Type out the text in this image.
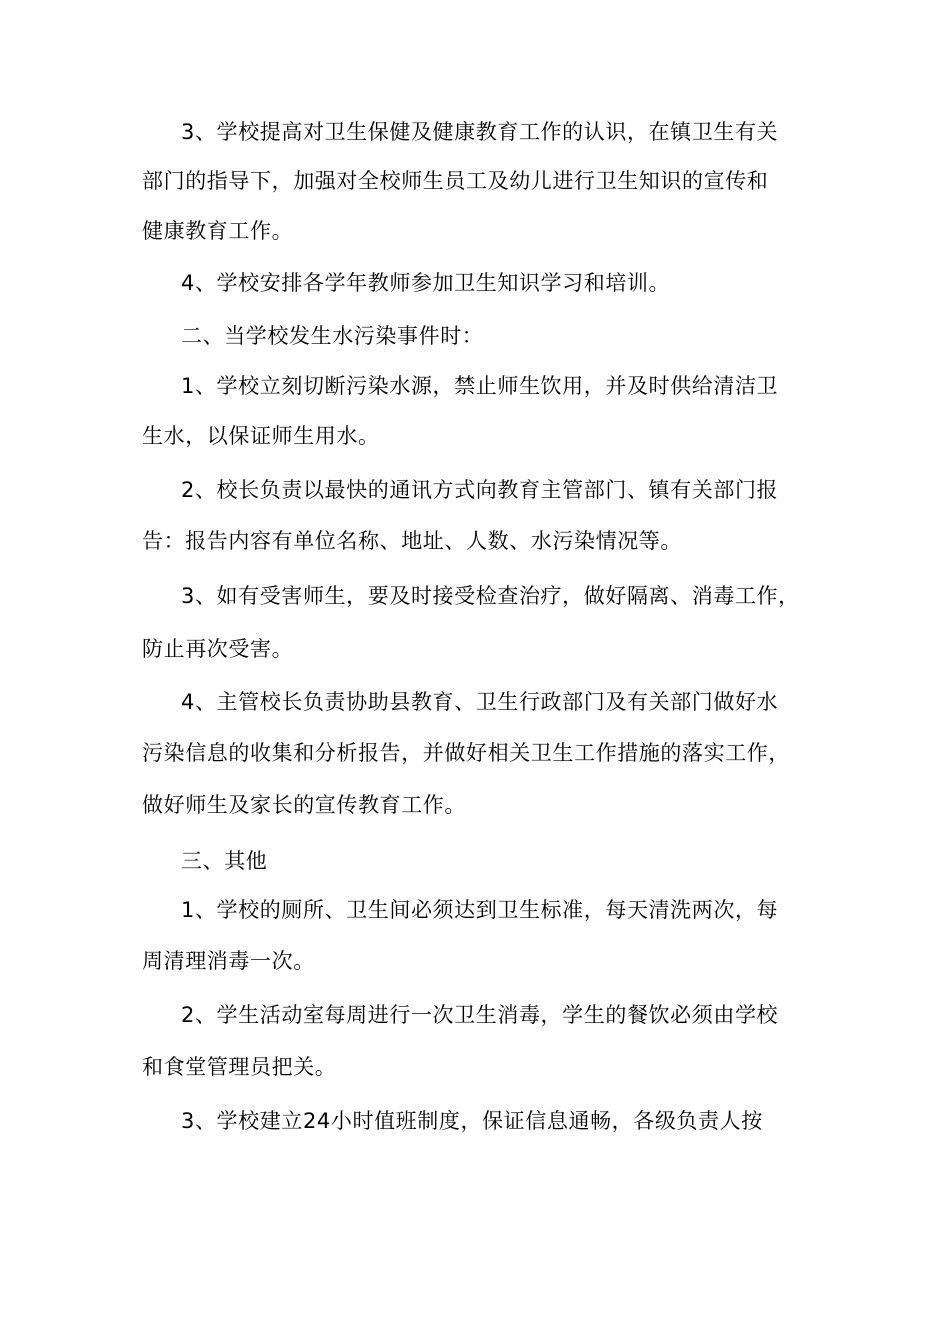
3、学校提高对卫生保健及健康教育工作的认识，在镇卫生有关
部门的指导下，加强对全校师生员工及幼儿进行卫生知识的宣传和
健康教育工作。
4、学校安排各学年教师参加卫生知识学习和培训。
二、当学校发生水污染事件时：
1、学校立刻切断污染水源，禁止师生饮用，并及时供给清洁卫
生水，以保证师生用水。
2、校长负责以最快的通讯方式向教育主管部门、镇有关部门报
告：报告内容有单位名称、地址、人数、水污染情况等。
3、如有受害师生，要及时接受检查治疗，做好隔离、消毒工作，
防止再次受害。
4、主管校长负责协助县教育、卫生行政部门及有关部门做好水
污染信息的收集和分析报告，并做好相关卫生工作措施的落实工作，
做好师生及家长的宣传教育工作。
三、其他
1、学校的厕所、卫生间必须达到卫生标准，每天清洗两次，每
周清理消毒一次。
2、学生活动室每周进行一次卫生消毒，学生的餐饮必须由学校
和食堂管理员把关。
3、学校建立24小时值班制度，保证信息通畅，各级负责人按
